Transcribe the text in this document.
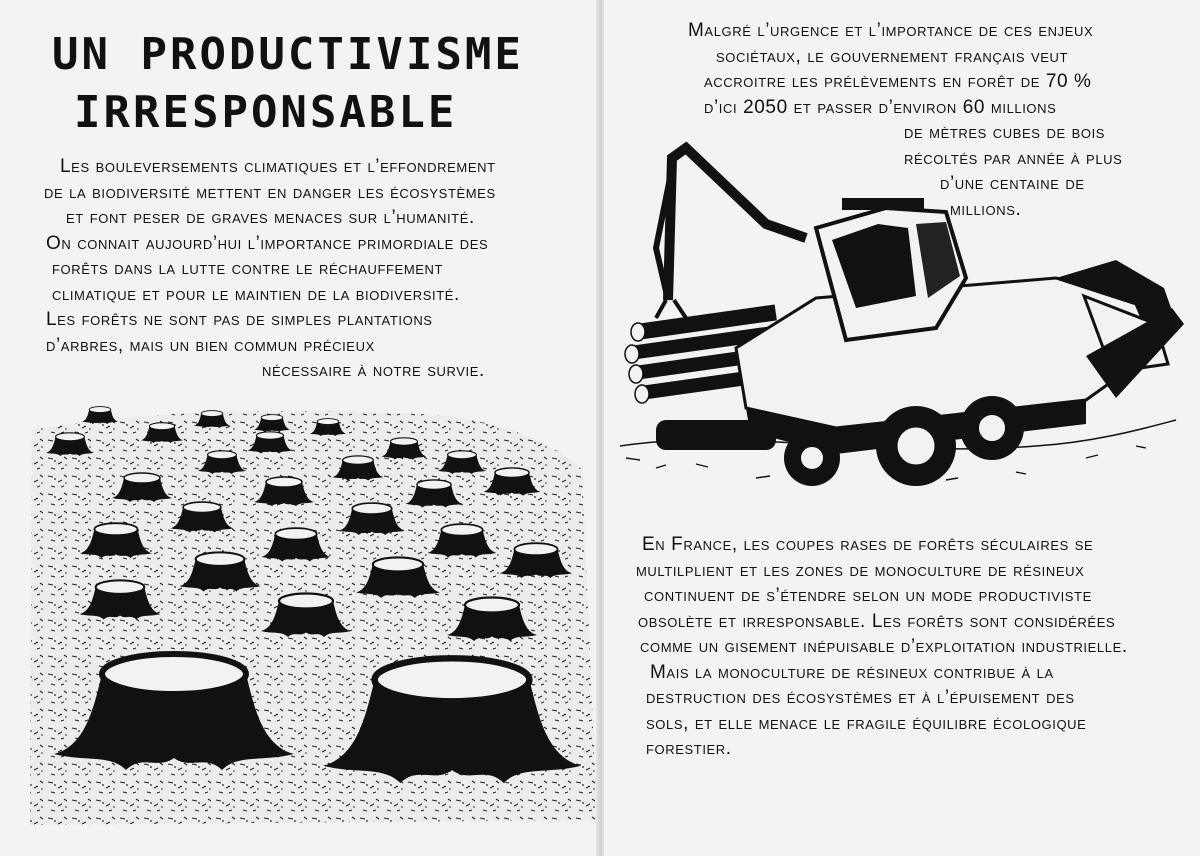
UN PRODUCTIVISME
IRRESPONSABLE
Les bouleversements climatiques et l’effondrement
de la biodiversité mettent en danger les écosystèmes
et font peser de graves menaces sur l’humanité.
On connait aujourd’hui l’importance primordiale des
forêts dans la lutte contre le réchauffement
climatique et pour le maintien de la biodiversité.
Les forêts ne sont pas de simples plantations
d’arbres, mais un bien commun précieux
nécessaire à notre survie.
Malgré l’urgence et l’importance de ces enjeux
sociétaux, le gouvernement français veut
accroitre les prélèvements en forêt de 70 %
d’ici 2050 et passer d’environ 60 millions
de mètres cubes de bois
récoltés par année à plus
d’une centaine de
millions.
En France, les coupes rases de forêts séculaires se
multilplient et les zones de monoculture de résineux
continuent de s’étendre selon un mode productiviste
obsolète et irresponsable. Les forêts sont considérées
comme un gisement inépuisable d’exploitation industrielle.
Mais la monoculture de résineux contribue à la
destruction des écosystèmes et à l’épuisement des
sols, et elle menace le fragile équilibre écologique
forestier.
